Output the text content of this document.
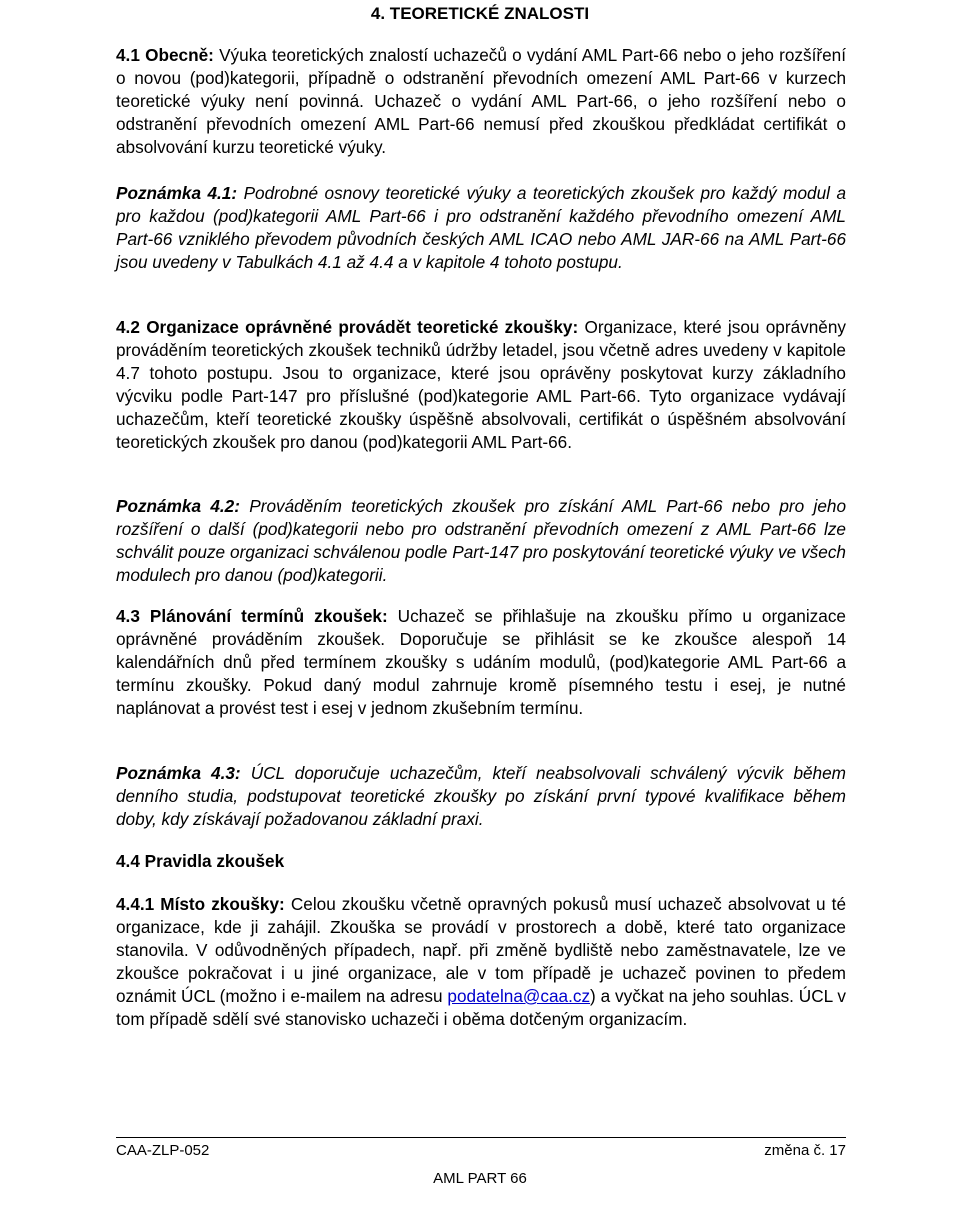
4. TEORETICKÉ ZNALOSTI

4.1 Obecně: Výuka teoretických znalostí uchazečů o vydání AML Part-66 nebo o jeho rozšíření o novou (pod)kategorii, případně o odstranění převodních omezení AML Part-66 v kurzech teoretické výuky není povinná. Uchazeč o vydání AML Part-66, o jeho rozšíření nebo o odstranění převodních omezení AML Part-66 nemusí před zkouškou předkládat certifikát o absolvování kurzu teoretické výuky.

Poznámka 4.1: Podrobné osnovy teoretické výuky a teoretických zkoušek pro každý modul a pro každou (pod)kategorii AML Part-66 i pro odstranění každého převodního omezení AML Part-66 vzniklého převodem původních českých AML ICAO nebo AML JAR-66 na AML Part-66 jsou uvedeny v Tabulkách 4.1 až 4.4 a v kapitole 4 tohoto postupu.

4.2 Organizace oprávněné provádět teoretické zkoušky: Organizace, které jsou oprávněny prováděním teoretických zkoušek techniků údržby letadel, jsou včetně adres uvedeny v kapitole 4.7 tohoto postupu. Jsou to organizace, které jsou oprávěny poskytovat kurzy základního výcviku podle Part-147 pro příslušné (pod)kategorie AML Part-66. Tyto organizace vydávají uchazečům, kteří teoretické zkoušky úspěšně absolvovali, certifikát o úspěšném absolvování teoretických zkoušek pro danou (pod)kategorii AML Part-66.

Poznámka 4.2: Prováděním teoretických zkoušek pro získání AML Part-66 nebo pro jeho rozšíření o další (pod)kategorii nebo pro odstranění převodních omezení z AML Part-66 lze schválit pouze organizaci schválenou podle Part-147 pro poskytování teoretické výuky ve všech modulech pro danou (pod)kategorii.

4.3 Plánování termínů zkoušek: Uchazeč se přihlašuje na zkoušku přímo u organizace oprávněné prováděním zkoušek. Doporučuje se přihlásit se ke zkoušce alespoň 14 kalendářních dnů před termínem zkoušky s udáním modulů, (pod)kategorie AML Part-66 a termínu zkoušky. Pokud daný modul zahrnuje kromě písemného testu i esej, je nutné naplánovat a provést test i esej v jednom zkušebním termínu.

Poznámka 4.3: ÚCL doporučuje uchazečům, kteří neabsolvovali schválený výcvik během denního studia, podstupovat teoretické zkoušky po získání první typové kvalifikace během doby, kdy získávají požadovanou základní praxi.

4.4 Pravidla zkoušek

4.4.1 Místo zkoušky: Celou zkoušku včetně opravných pokusů musí uchazeč absolvovat u té organizace, kde ji zahájil. Zkouška se provádí v prostorech a době, které tato organizace stanovila. V odůvodněných případech, např. při změně bydliště nebo zaměstnavatele, lze ve zkoušce pokračovat i u jiné organizace, ale v tom případě je uchazeč povinen to předem oznámit ÚCL (možno i e-mailem na adresu podatelna@caa.cz) a vyčkat na jeho souhlas. ÚCL v tom případě sdělí své stanovisko uchazeči i oběma dotčeným organizacím.

CAA-ZLP-052	změna č. 17
AML PART 66
